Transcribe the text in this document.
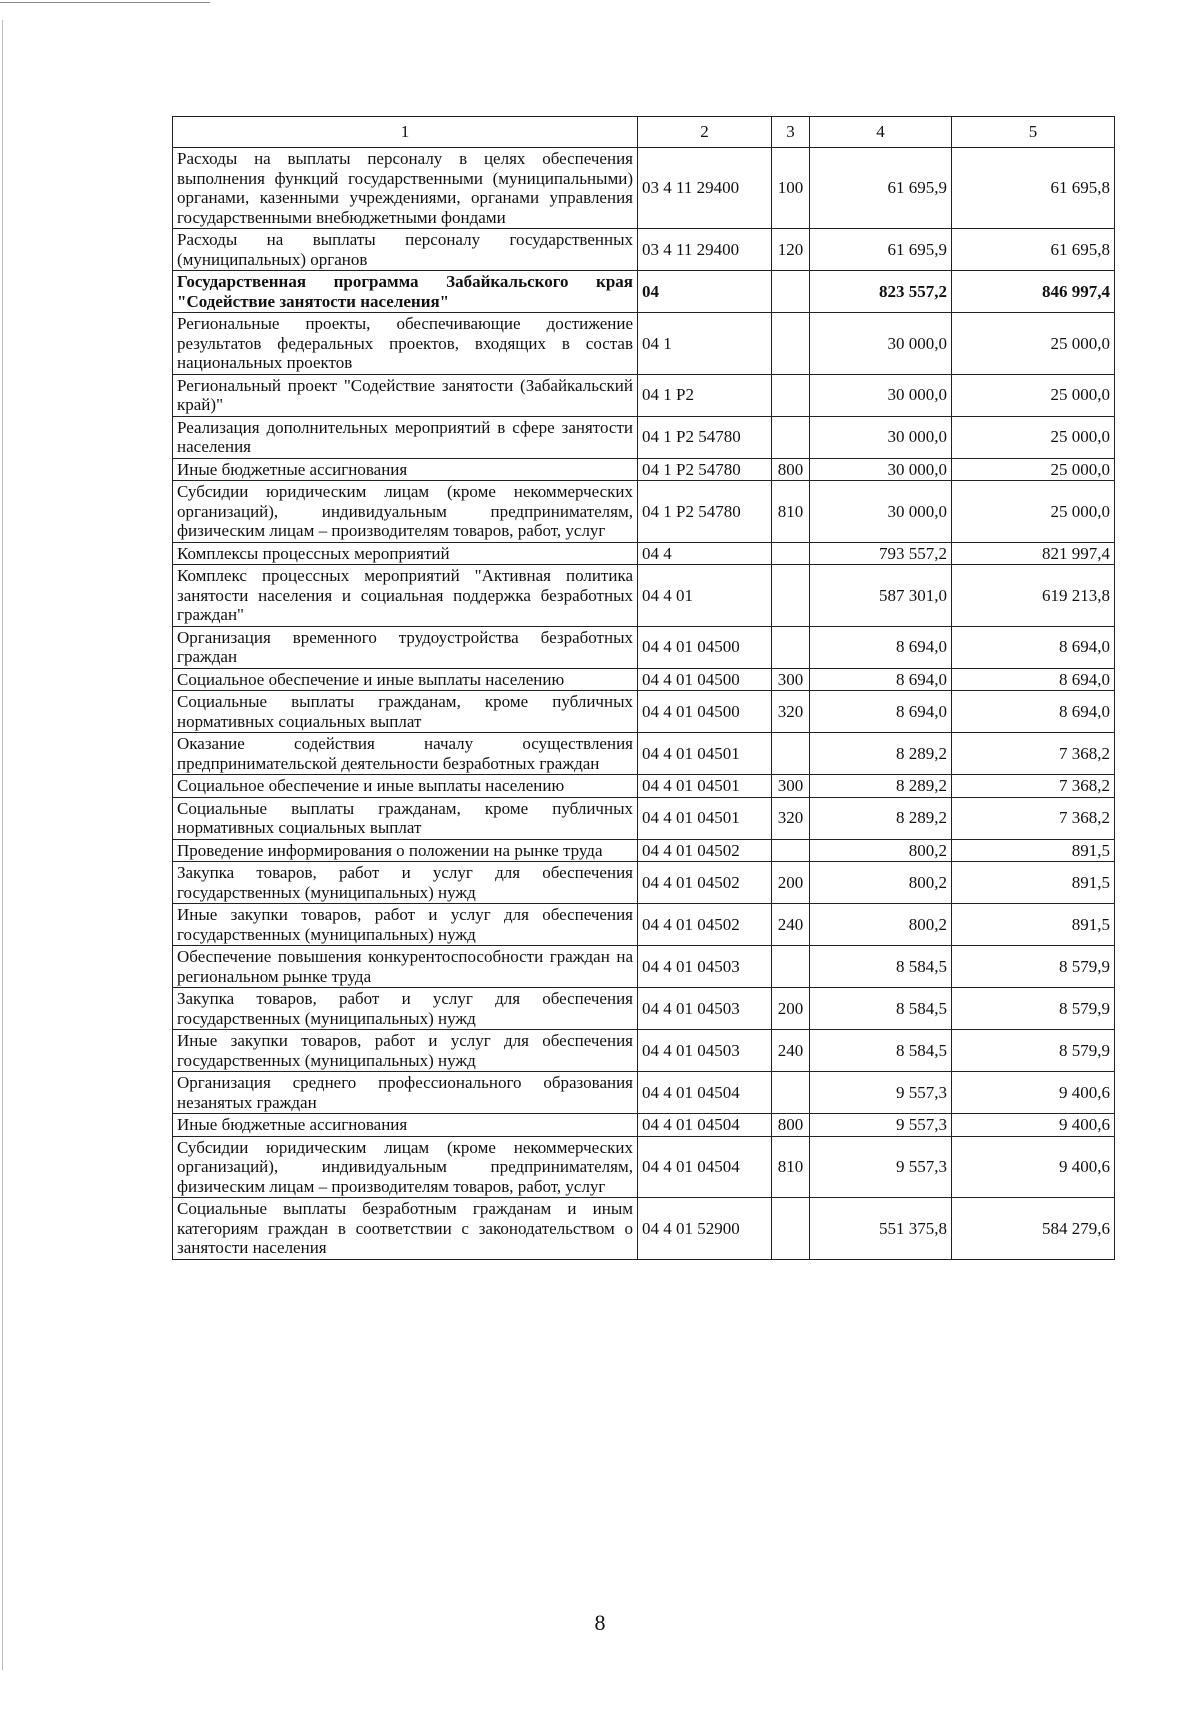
1	2	3	4	5
Расходы на выплаты персоналу в целях обеспечения выполнения функций государственными (муниципальными) органами, казенными учреждениями, органами управления государственными внебюджетными фондами	03 4 11 29400	100	61 695,9	61 695,8
Расходы на выплаты персоналу государственных (муниципальных) органов	03 4 11 29400	120	61 695,9	61 695,8
Государственная программа Забайкальского края "Содействие занятости населения"	04		823 557,2	846 997,4
Региональные проекты, обеспечивающие достижение результатов федеральных проектов, входящих в состав национальных проектов	04 1		30 000,0	25 000,0
Региональный проект "Содействие занятости (Забайкальский край)"	04 1 P2		30 000,0	25 000,0
Реализация дополнительных мероприятий в сфере занятости населения	04 1 P2 54780		30 000,0	25 000,0
Иные бюджетные ассигнования	04 1 P2 54780	800	30 000,0	25 000,0
Субсидии юридическим лицам (кроме некоммерческих организаций), индивидуальным предпринимателям, физическим лицам – производителям товаров, работ, услуг	04 1 P2 54780	810	30 000,0	25 000,0
Комплексы процессных мероприятий	04 4		793 557,2	821 997,4
Комплекс процессных мероприятий "Активная политика занятости населения и социальная поддержка безработных граждан"	04 4 01		587 301,0	619 213,8
Организация временного трудоустройства безработных граждан	04 4 01 04500		8 694,0	8 694,0
Социальное обеспечение и иные выплаты населению	04 4 01 04500	300	8 694,0	8 694,0
Социальные выплаты гражданам, кроме публичных нормативных социальных выплат	04 4 01 04500	320	8 694,0	8 694,0
Оказание содействия началу осуществления предпринимательской деятельности безработных граждан	04 4 01 04501		8 289,2	7 368,2
Социальное обеспечение и иные выплаты населению	04 4 01 04501	300	8 289,2	7 368,2
Социальные выплаты гражданам, кроме публичных нормативных социальных выплат	04 4 01 04501	320	8 289,2	7 368,2
Проведение информирования о положении на рынке труда	04 4 01 04502		800,2	891,5
Закупка товаров, работ и услуг для обеспечения государственных (муниципальных) нужд	04 4 01 04502	200	800,2	891,5
Иные закупки товаров, работ и услуг для обеспечения государственных (муниципальных) нужд	04 4 01 04502	240	800,2	891,5
Обеспечение повышения конкурентоспособности граждан на региональном рынке труда	04 4 01 04503		8 584,5	8 579,9
Закупка товаров, работ и услуг для обеспечения государственных (муниципальных) нужд	04 4 01 04503	200	8 584,5	8 579,9
Иные закупки товаров, работ и услуг для обеспечения государственных (муниципальных) нужд	04 4 01 04503	240	8 584,5	8 579,9
Организация среднего профессионального образования незанятых граждан	04 4 01 04504		9 557,3	9 400,6
Иные бюджетные ассигнования	04 4 01 04504	800	9 557,3	9 400,6
Субсидии юридическим лицам (кроме некоммерческих организаций), индивидуальным предпринимателям, физическим лицам – производителям товаров, работ, услуг	04 4 01 04504	810	9 557,3	9 400,6
Социальные выплаты безработным гражданам и иным категориям граждан в соответствии с законодательством о занятости населения	04 4 01 52900		551 375,8	584 279,6
8
